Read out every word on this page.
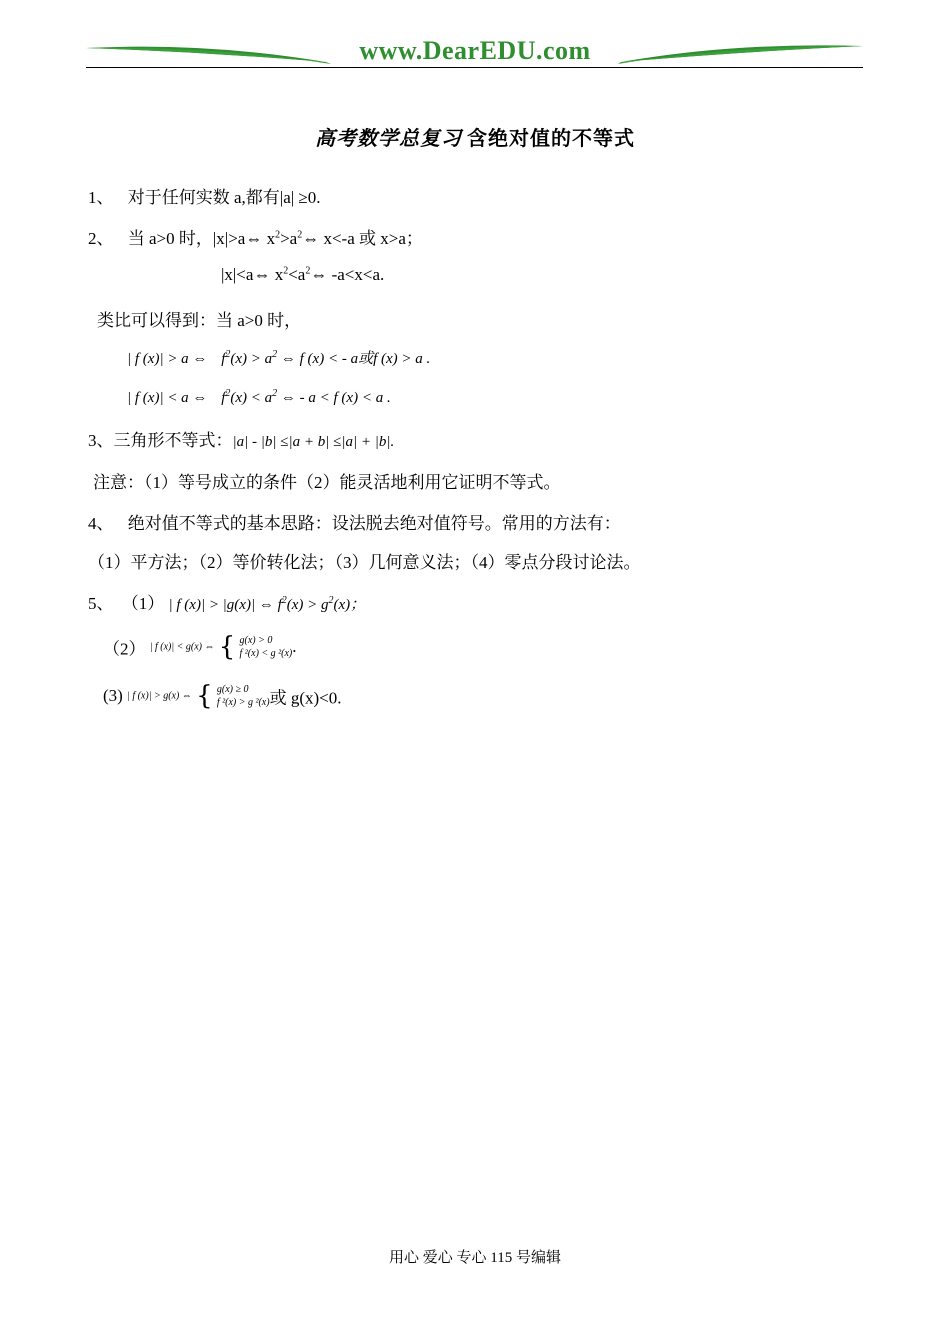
www.DearEDU.com
高考数学总复习 含绝对值的不等式
1、 对于任何实数 a,都有|a| ≥0.
2、 当 a>0 时，|x|>a⇔ $x^2>a^2\Leftrightarrow$ x<-a 或 x>a；
|x|<a⇔ $x^2<a^2\Leftrightarrow$ -a<x<a.
类比可以得到：当 a>0 时，
| f (x)| > a ⇔ $f^2(x) > a^2$ ⇔ f (x) < - a或f (x) > a .
| f (x)| < a ⇔ $f^2(x) < a^2$ ⇔ - a < f (x) < a .
3、三角形不等式：|a| - |b| ≤|a + b| ≤|a| + |b|.
注意：（1）等号成立的条件（2）能灵活地利用它证明不等式。
4、 绝对值不等式的基本思路：设法脱去绝对值符号。常用的方法有：
（1）平方法；（2）等价转化法；（3）几何意义法；（4）零点分段讨论法。
5、 （1） | f (x)| > |g(x)| ⇔ $f^2(x) > g^2(x)$；
（2） | f (x)| < g(x) ⇔ { g(x) > 0
f ²(x) < g ²(x) .
(3) | f (x)| > g(x) ⇔ { g(x) ≥ 0
f ²(x) > g ²(x) 或 g(x)<0.
用心 爱心 专心 115 号编辑
